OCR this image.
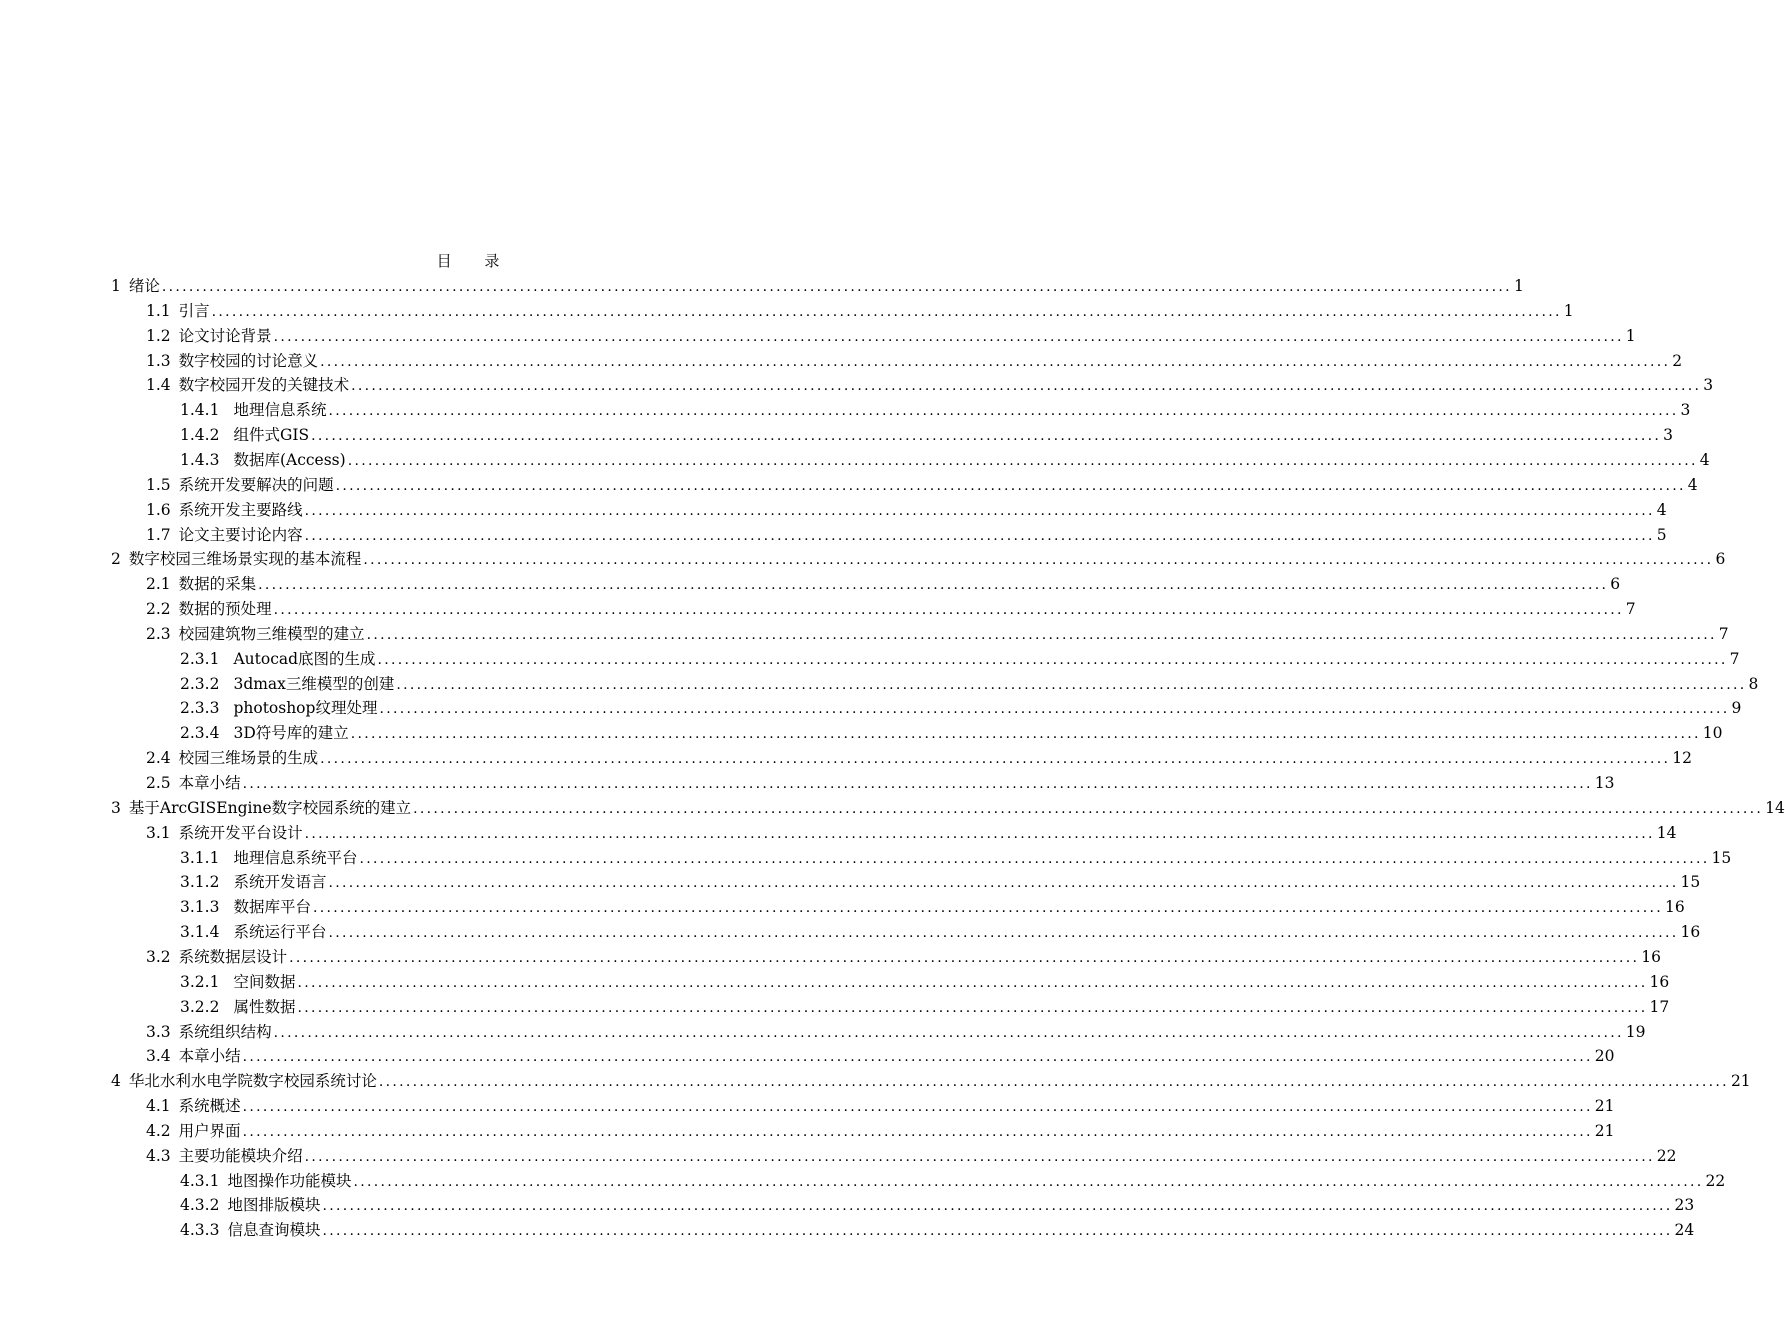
目 录
1 绪论 ........................................................................................................................................................................................................ 1
1.1 引言 ........................................................................................................................................................................................................ 1
1.2 论文讨论背景 ........................................................................................................................................................................................................ 1
1.3 数字校园的讨论意义 ........................................................................................................................................................................................................ 2
1.4 数字校园开发的关键技术 ........................................................................................................................................................................................................ 3
1.4.1 地理信息系统 ........................................................................................................................................................................................................ 3
1.4.2 组件式GIS ........................................................................................................................................................................................................ 3
1.4.3 数据库(Access) ........................................................................................................................................................................................................ 4
1.5 系统开发要解决的问题 ........................................................................................................................................................................................................ 4
1.6 系统开发主要路线 ........................................................................................................................................................................................................ 4
1.7 论文主要讨论内容 ........................................................................................................................................................................................................ 5
2 数字校园三维场景实现的基本流程 ........................................................................................................................................................................................................ 6
2.1 数据的采集 ........................................................................................................................................................................................................ 6
2.2 数据的预处理 ........................................................................................................................................................................................................ 7
2.3 校园建筑物三维模型的建立 ........................................................................................................................................................................................................ 7
2.3.1 Autocad底图的生成 ........................................................................................................................................................................................................ 7
2.3.2 3dmax三维模型的创建 ........................................................................................................................................................................................................ 8
2.3.3 photoshop纹理处理 ........................................................................................................................................................................................................ 9
2.3.4 3D符号库的建立 ........................................................................................................................................................................................................ 10
2.4 校园三维场景的生成 ........................................................................................................................................................................................................ 12
2.5 本章小结 ........................................................................................................................................................................................................ 13
3 基于ArcGISEngine数字校园系统的建立 ........................................................................................................................................................................................................ 14
3.1 系统开发平台设计 ........................................................................................................................................................................................................ 14
3.1.1 地理信息系统平台 ........................................................................................................................................................................................................ 15
3.1.2 系统开发语言 ........................................................................................................................................................................................................ 15
3.1.3 数据库平台 ........................................................................................................................................................................................................ 16
3.1.4 系统运行平台 ........................................................................................................................................................................................................ 16
3.2 系统数据层设计 ........................................................................................................................................................................................................ 16
3.2.1 空间数据 ........................................................................................................................................................................................................ 16
3.2.2 属性数据 ........................................................................................................................................................................................................ 17
3.3 系统组织结构 ........................................................................................................................................................................................................ 19
3.4 本章小结 ........................................................................................................................................................................................................ 20
4 华北水利水电学院数字校园系统讨论 ........................................................................................................................................................................................................ 21
4.1 系统概述 ........................................................................................................................................................................................................ 21
4.2 用户界面 ........................................................................................................................................................................................................ 21
4.3 主要功能模块介绍 ........................................................................................................................................................................................................ 22
4.3.1 地图操作功能模块 ........................................................................................................................................................................................................ 22
4.3.2 地图排版模块 ........................................................................................................................................................................................................ 23
4.3.3 信息查询模块 ........................................................................................................................................................................................................ 24
